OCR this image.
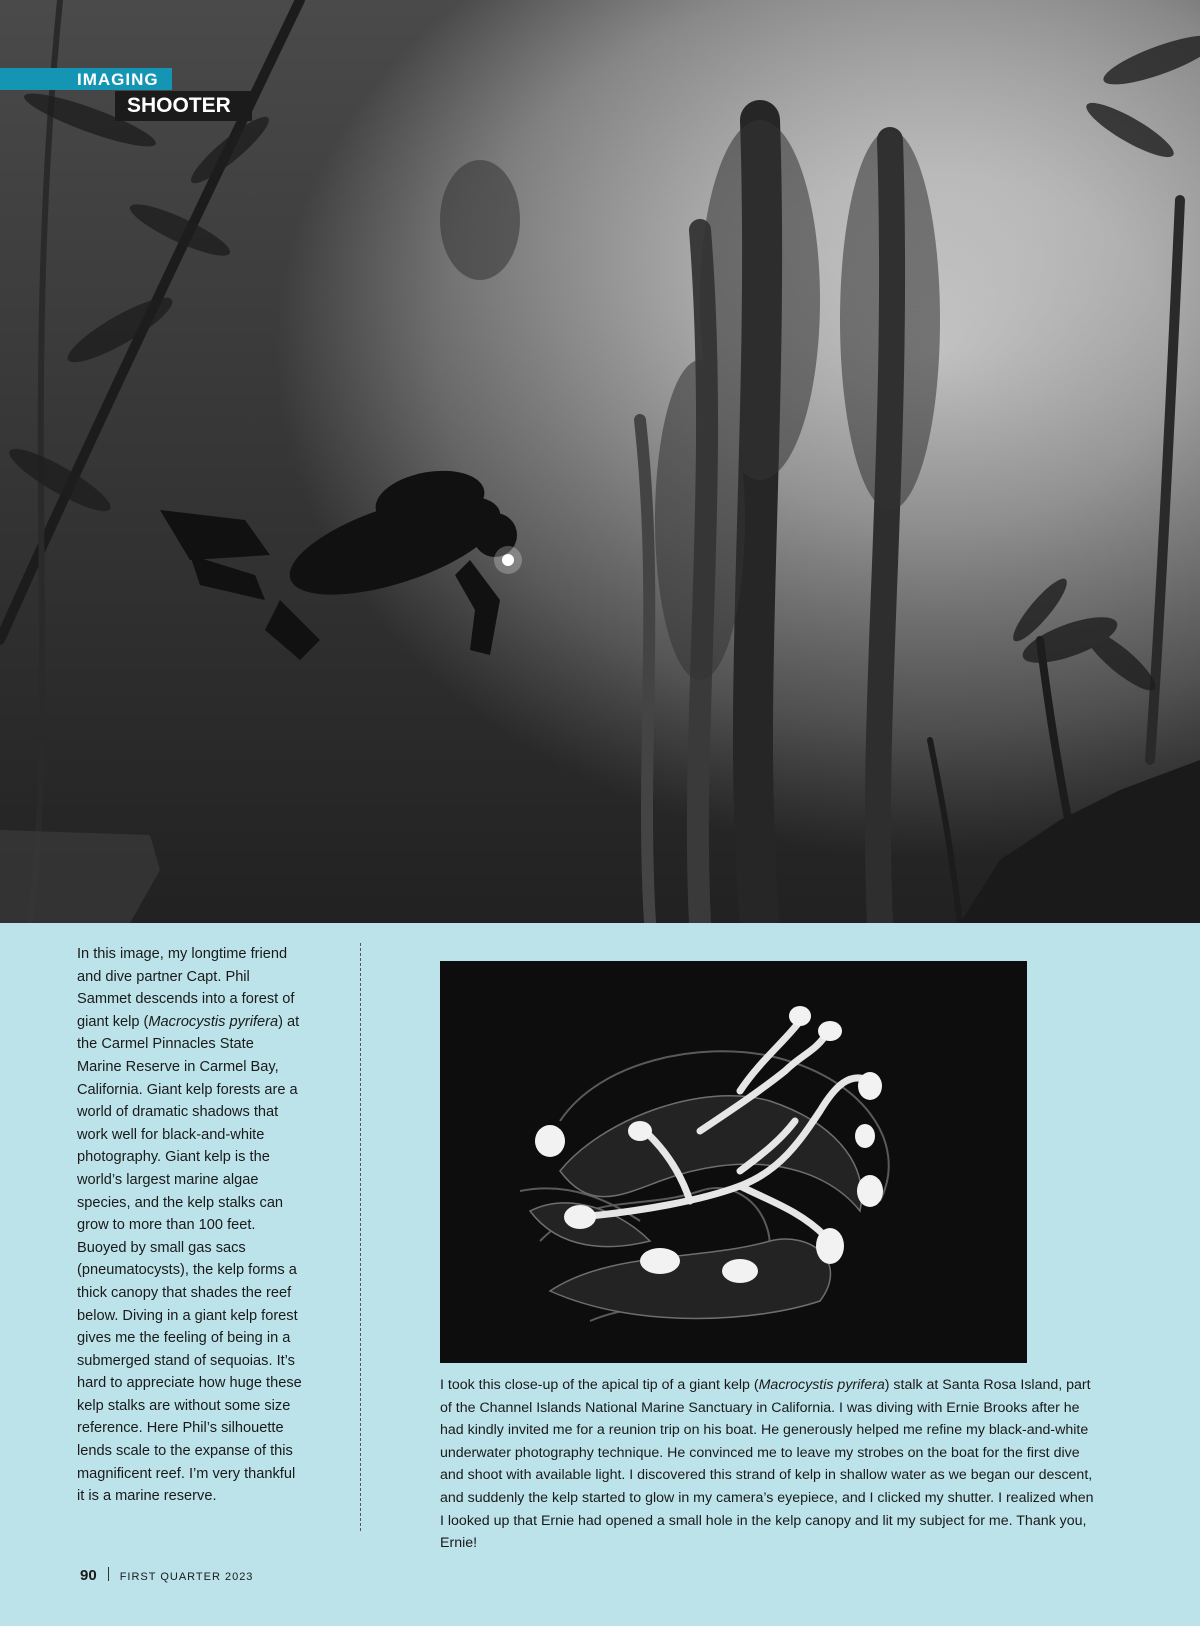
IMAGING
SHOOTER
In this image, my longtime friend and dive partner Capt. Phil Sammet descends into a forest of giant kelp (Macrocystis pyrifera) at the Carmel Pinnacles State Marine Reserve in Carmel Bay, California. Giant kelp forests are a world of dramatic shadows that work well for black-and-white photography. Giant kelp is the world’s largest marine algae species, and the kelp stalks can grow to more than 100 feet. Buoyed by small gas sacs (pneumatocysts), the kelp forms a thick canopy that shades the reef below. Diving in a giant kelp forest gives me the feeling of being in a submerged stand of sequoias. It’s hard to appreciate how huge these kelp stalks are without some size reference. Here Phil’s silhouette lends scale to the expanse of this magnificent reef. I’m very thankful it is a marine reserve.
I took this close-up of the apical tip of a giant kelp (Macrocystis pyrifera) stalk at Santa Rosa Island, part of the Channel Islands National Marine Sanctuary in California. I was diving with Ernie Brooks after he had kindly invited me for a reunion trip on his boat. He generously helped me refine my black-and-white underwater photography technique. He convinced me to leave my strobes on the boat for the first dive and shoot with available light. I discovered this strand of kelp in shallow water as we began our descent, and suddenly the kelp started to glow in my camera’s eyepiece, and I clicked my shutter. I realized when I looked up that Ernie had opened a small hole in the kelp canopy and lit my subject for me. Thank you, Ernie!
90 FIRST QUARTER 2023
